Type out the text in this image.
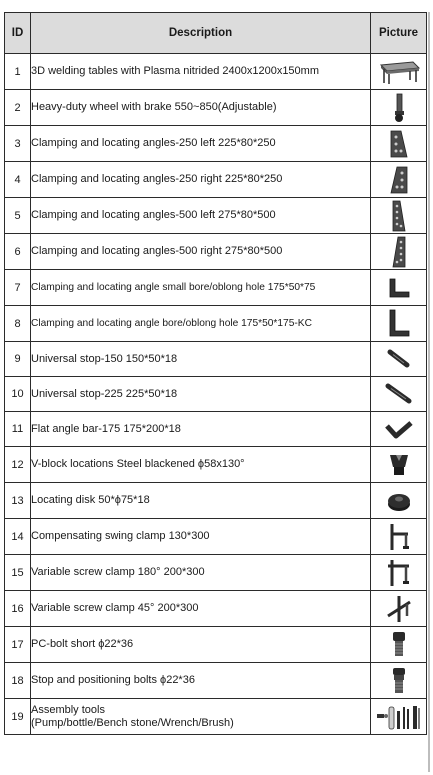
ID	Description	Picture
1	3D welding tables with Plasma nitrided 2400x1200x150mm	

2	Heavy-duty wheel with brake 550~850(Adjustable)	

3	Clamping and locating angles-250 left 225*80*250	

4	Clamping and locating angles-250 right 225*80*250	

5	Clamping and locating angles-500 left 275*80*500	

6	Clamping and locating angles-500 right 275*80*500	

7	Clamping and locating angle small bore/oblong hole 175*50*75	

8	Clamping and locating angle bore/oblong hole 175*50*175-KC	

9	Universal stop-150 150*50*18	

10	Universal stop-225 225*50*18	

11	Flat angle bar-175 175*200*18	

12	V-block locations Steel blackened ϕ58x130°	

13	Locating disk 50*ϕ75*18	

14	Compensating swing clamp 130*300	

15	Variable screw clamp 180° 200*300	

16	Variable screw clamp 45° 200*300	

17	PC-bolt short ϕ22*36	

18	Stop and positioning bolts ϕ22*36	

19	Assembly tools
(Pump/bottle/Bench stone/Wrench/Brush)	
